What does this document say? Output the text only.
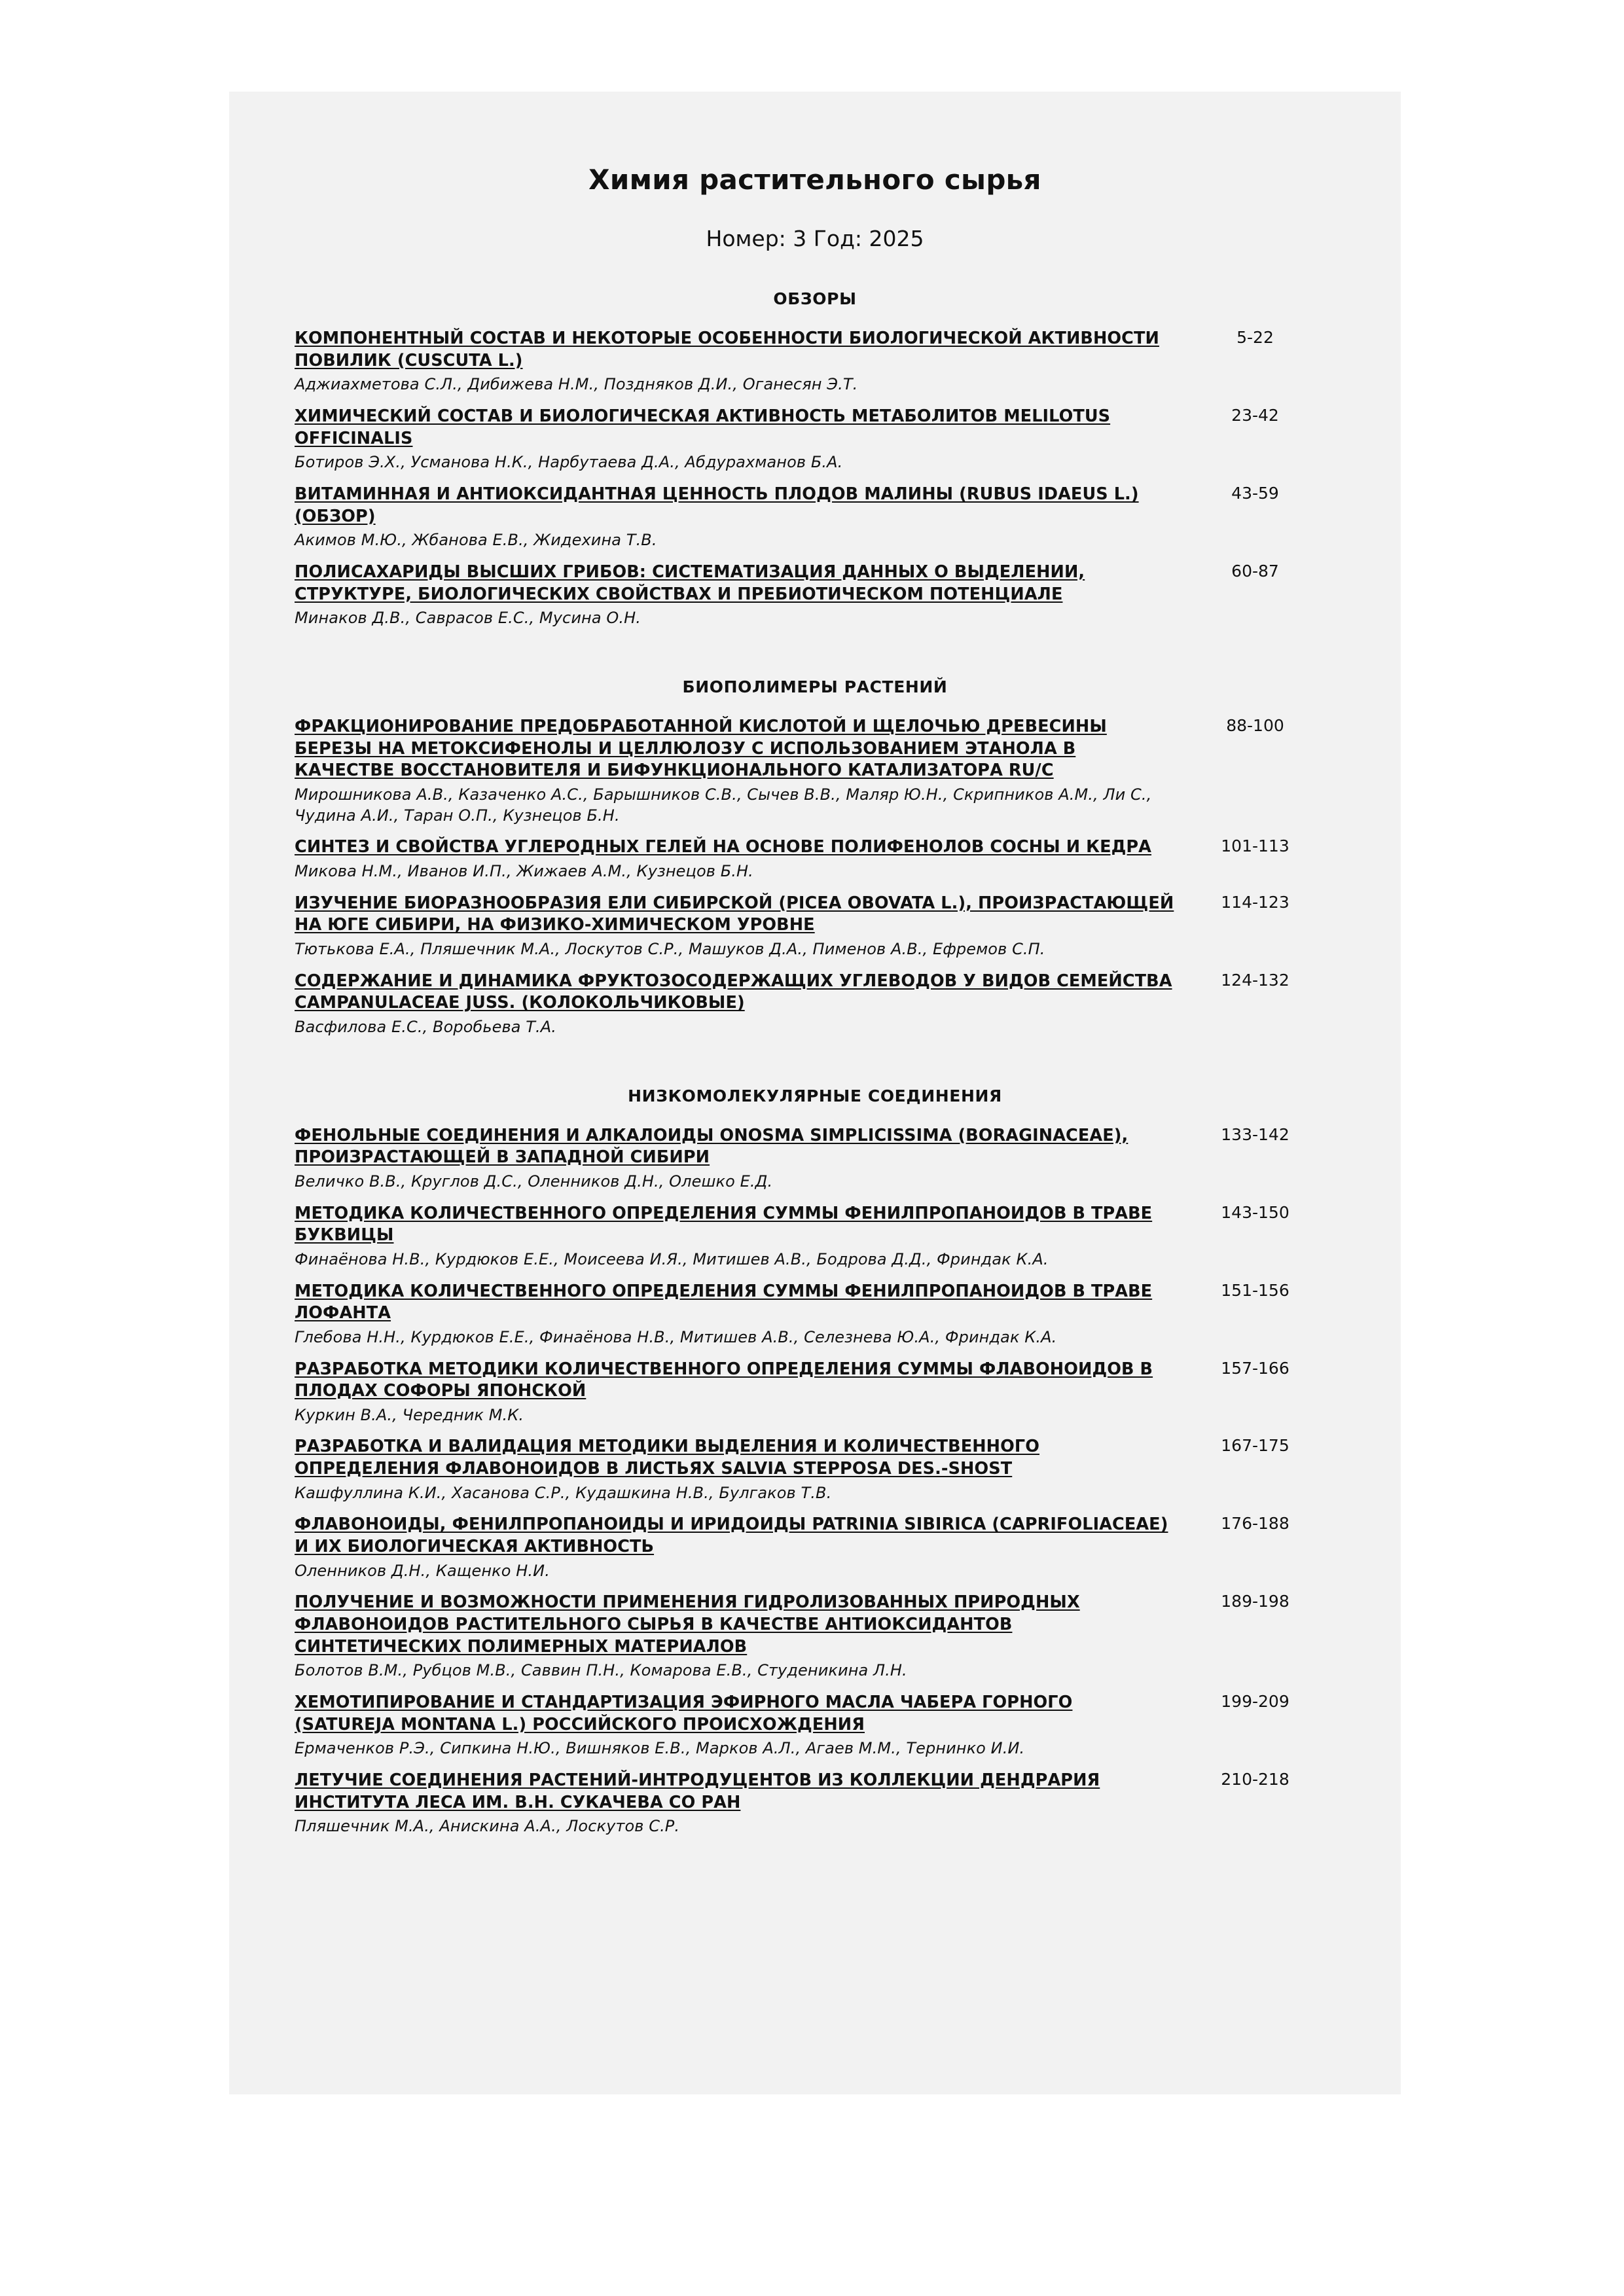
Химия растительного сырья
Номер: 3 Год: 2025
ОБЗОРЫ
КОМПОНЕНТНЫЙ СОСТАВ И НЕКОТОРЫЕ ОСОБЕННОСТИ БИОЛОГИЧЕСКОЙ АКТИВНОСТИ ПОВИЛИК (CUSCUTA L.)
Аджиахметова С.Л., Дибижева Н.М., Поздняков Д.И., Оганесян Э.Т.	5-22

ХИМИЧЕСКИЙ СОСТАВ И БИОЛОГИЧЕСКАЯ АКТИВНОСТЬ МЕТАБОЛИТОВ MELILOTUS OFFICINALIS
Ботиров Э.Х., Усманова Н.К., Нарбутаева Д.А., Абдурахманов Б.А.	23-42

ВИТАМИННАЯ И АНТИОКСИДАНТНАЯ ЦЕННОСТЬ ПЛОДОВ МАЛИНЫ (RUBUS IDAEUS L.) (ОБЗОР)
Акимов М.Ю., Жбанова Е.В., Жидехина Т.В.	43-59

ПОЛИСАХАРИДЫ ВЫСШИХ ГРИБОВ: СИСТЕМАТИЗАЦИЯ ДАННЫХ О ВЫДЕЛЕНИИ, СТРУКТУРЕ, БИОЛОГИЧЕСКИХ СВОЙСТВАХ И ПРЕБИОТИЧЕСКОМ ПОТЕНЦИАЛЕ
Минаков Д.В., Саврасов Е.С., Мусина О.Н.	60-87
БИОПОЛИМЕРЫ РАСТЕНИЙ
ФРАКЦИОНИРОВАНИЕ ПРЕДОБРАБОТАННОЙ КИСЛОТОЙ И ЩЕЛОЧЬЮ ДРЕВЕСИНЫ БЕРЕЗЫ НА МЕТОКСИФЕНОЛЫ И ЦЕЛЛЮЛОЗУ С ИСПОЛЬЗОВАНИЕМ ЭТАНОЛА В КАЧЕСТВЕ ВОССТАНОВИТЕЛЯ И БИФУНКЦИОНАЛЬНОГО КАТАЛИЗАТОРА RU/C
Мирошникова А.В., Казаченко А.С., Барышников С.В., Сычев В.В., Маляр Ю.Н., Скрипников А.М., Ли С., Чудина А.И., Таран О.П., Кузнецов Б.Н.	88-100

СИНТЕЗ И СВОЙСТВА УГЛЕРОДНЫХ ГЕЛЕЙ НА ОСНОВЕ ПОЛИФЕНОЛОВ СОСНЫ И КЕДРА
Микова Н.М., Иванов И.П., Жижаев А.М., Кузнецов Б.Н.	101-113

ИЗУЧЕНИЕ БИОРАЗНООБРАЗИЯ ЕЛИ СИБИРСКОЙ (PICEA OBOVATA L.), ПРОИЗРАСТАЮЩЕЙ НА ЮГЕ СИБИРИ, НА ФИЗИКО-ХИМИЧЕСКОМ УРОВНЕ
Тютькова Е.А., Пляшечник М.А., Лоскутов С.Р., Машуков Д.А., Пименов А.В., Ефремов С.П.	114-123

СОДЕРЖАНИЕ И ДИНАМИКА ФРУКТОЗОСОДЕРЖАЩИХ УГЛЕВОДОВ У ВИДОВ СЕМЕЙСТВА CAMPANULACEAE JUSS. (КОЛОКОЛЬЧИКОВЫЕ)
Васфилова Е.С., Воробьева Т.А.	124-132
НИЗКОМОЛЕКУЛЯРНЫЕ СОЕДИНЕНИЯ
ФЕНОЛЬНЫЕ СОЕДИНЕНИЯ И АЛКАЛОИДЫ ONOSMA SIMPLICISSIMA (BORAGINACEAE), ПРОИЗРАСТАЮЩЕЙ В ЗАПАДНОЙ СИБИРИ
Величко В.В., Круглов Д.С., Оленников Д.Н., Олешко Е.Д.	133-142

МЕТОДИКА КОЛИЧЕСТВЕННОГО ОПРЕДЕЛЕНИЯ СУММЫ ФЕНИЛПРОПАНОИДОВ В ТРАВЕ БУКВИЦЫ
Финаёнова Н.В., Курдюков Е.Е., Моисеева И.Я., Митишев А.В., Бодрова Д.Д., Фриндак К.А.	143-150

МЕТОДИКА КОЛИЧЕСТВЕННОГО ОПРЕДЕЛЕНИЯ СУММЫ ФЕНИЛПРОПАНОИДОВ В ТРАВЕ ЛОФАНТА
Глебова Н.Н., Курдюков Е.Е., Финаёнова Н.В., Митишев А.В., Селезнева Ю.А., Фриндак К.А.	151-156

РАЗРАБОТКА МЕТОДИКИ КОЛИЧЕСТВЕННОГО ОПРЕДЕЛЕНИЯ СУММЫ ФЛАВОНОИДОВ В ПЛОДАХ СОФОРЫ ЯПОНСКОЙ
Куркин В.А., Чередник М.К.	157-166

РАЗРАБОТКА И ВАЛИДАЦИЯ МЕТОДИКИ ВЫДЕЛЕНИЯ И КОЛИЧЕСТВЕННОГО ОПРЕДЕЛЕНИЯ ФЛАВОНОИДОВ В ЛИСТЬЯХ SALVIA STEPPOSA DES.-SHOST
Кашфуллина К.И., Хасанова С.Р., Кудашкина Н.В., Булгаков Т.В.	167-175

ФЛАВОНОИДЫ, ФЕНИЛПРОПАНОИДЫ И ИРИДОИДЫ PATRINIA SIBIRICA (CAPRIFOLIACEAE) И ИХ БИОЛОГИЧЕСКАЯ АКТИВНОСТЬ
Оленников Д.Н., Кащенко Н.И.	176-188

ПОЛУЧЕНИЕ И ВОЗМОЖНОСТИ ПРИМЕНЕНИЯ ГИДРОЛИЗОВАННЫХ ПРИРОДНЫХ ФЛАВОНОИДОВ РАСТИТЕЛЬНОГО СЫРЬЯ В КАЧЕСТВЕ АНТИОКСИДАНТОВ СИНТЕТИЧЕСКИХ ПОЛИМЕРНЫХ МАТЕРИАЛОВ
Болотов В.М., Рубцов М.В., Саввин П.Н., Комарова Е.В., Студеникина Л.Н.	189-198

ХЕМОТИПИРОВАНИЕ И СТАНДАРТИЗАЦИЯ ЭФИРНОГО МАСЛА ЧАБЕРА ГОРНОГО (SATUREJA MONTANA L.) РОССИЙСКОГО ПРОИСХОЖДЕНИЯ
Ермаченков Р.Э., Сипкина Н.Ю., Вишняков Е.В., Марков А.Л., Агаев М.М., Тернинко И.И.	199-209

ЛЕТУЧИЕ СОЕДИНЕНИЯ РАСТЕНИЙ-ИНТРОДУЦЕНТОВ ИЗ КОЛЛЕКЦИИ ДЕНДРАРИЯ ИНСТИТУТА ЛЕСА ИМ. В.Н. СУКАЧЕВА СО РАН
Пляшечник М.А., Анискина А.А., Лоскутов С.Р.	210-218
